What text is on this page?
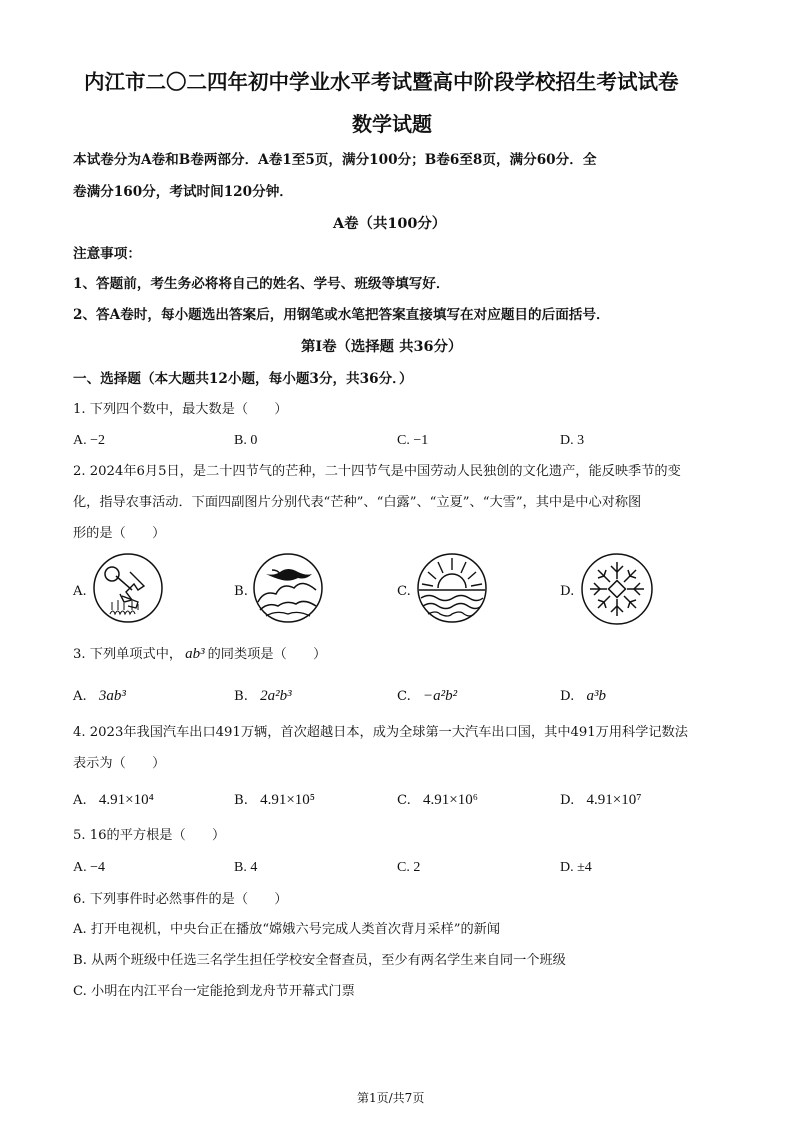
内江市二〇二四年初中学业水平考试暨高中阶段学校招生考试试卷
数学试题
本试卷分为A卷和B卷两部分．A卷1至5页，满分100分；B卷6至8页，满分60分．全
卷满分160分，考试时间120分钟．
A卷（共100分）
注意事项：
1、答题前，考生务必将将自己的姓名、学号、班级等填写好．
2、答A卷时，每小题选出答案后，用钢笔或水笔把答案直接填写在对应题目的后面括号．
第Ⅰ卷（选择题 共36分）
一、选择题（本大题共12小题，每小题3分，共36分．）
1. 下列四个数中，最大数是（　　）
A. −2	B. 0	C. −1	D. 3
2. 2024年6月5日，是二十四节气的芒种，二十四节气是中国劳动人民独创的文化遗产，能反映季节的变
化，指导农事活动．下面四副图片分别代表“芒种”、“白露”、“立夏”、“大雪”，其中是中心对称图
形的是（　　）
A.	B.	C.	D.
3. 下列单项式中， ab³ 的同类项是（　　）
A. 3ab³	B. 2a²b³	C. −a²b²	D. a³b
4. 2023年我国汽车出口491万辆，首次超越日本，成为全球第一大汽车出口国，其中491万用科学记数法
表示为（　　）
A. 4.91×10⁴	B. 4.91×10⁵	C. 4.91×10⁶	D. 4.91×10⁷
5. 16的平方根是（　　）
A. −4	B. 4	C. 2	D. ±4
6. 下列事件时必然事件的是（　　）
A. 打开电视机，中央台正在播放“嫦娥六号完成人类首次背月采样”的新闻
B. 从两个班级中任选三名学生担任学校安全督查员，至少有两名学生来自同一个班级
C. 小明在内江平台一定能抢到龙舟节开幕式门票
第1页/共7页
